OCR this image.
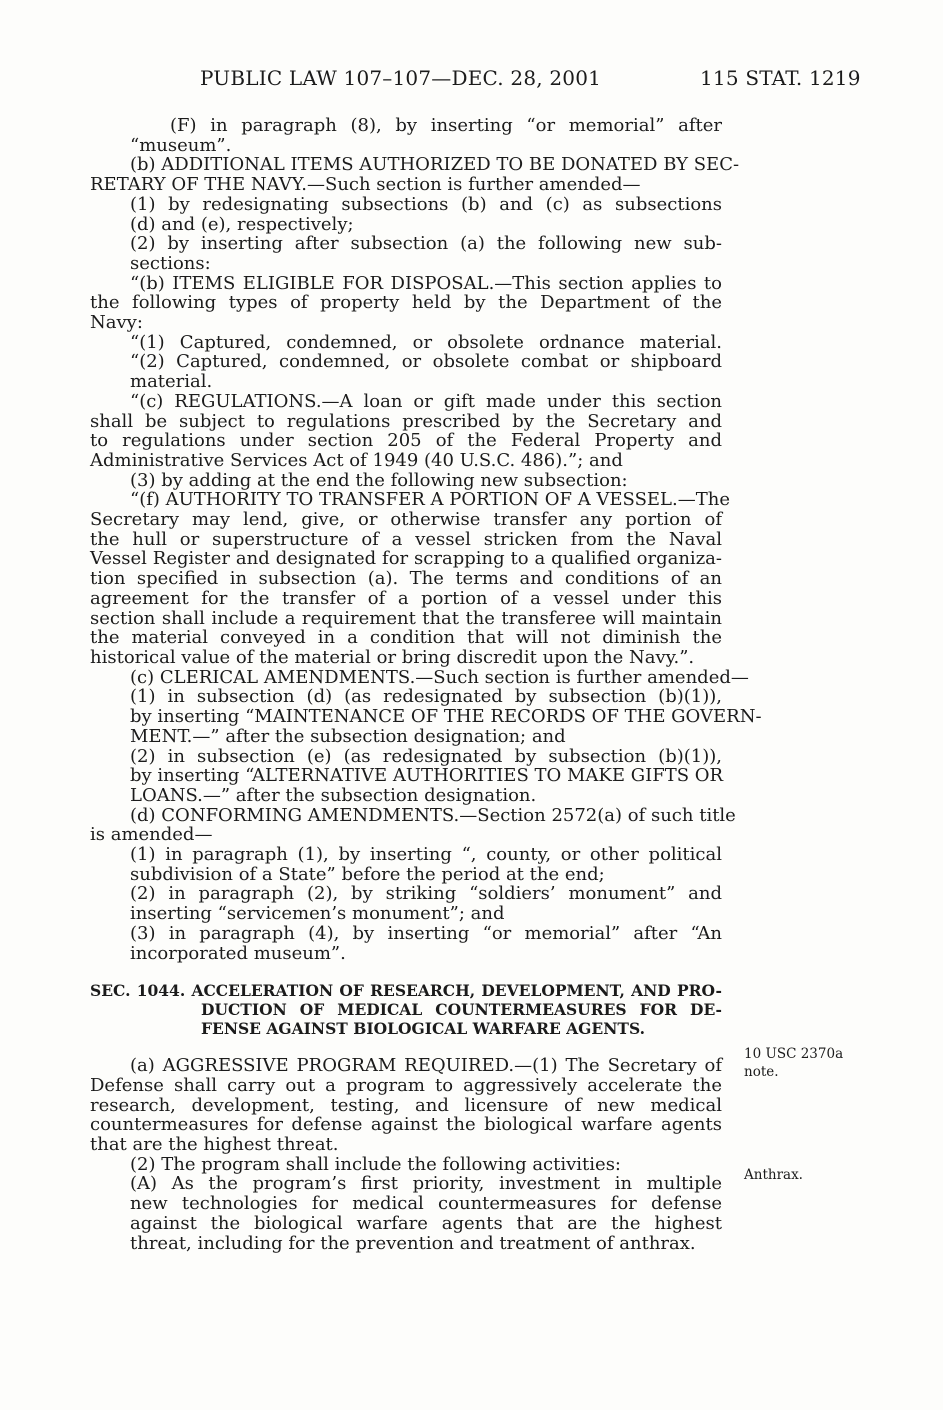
PUBLIC LAW 107–107—DEC. 28, 2001	115 STAT. 1219
(F) in paragraph (8), by inserting “or memorial” after
“museum”.
(b) ADDITIONAL ITEMS AUTHORIZED TO BE DONATED BY SEC-
RETARY OF THE NAVY.—Such section is further amended—
(1) by redesignating subsections (b) and (c) as subsections
(d) and (e), respectively;
(2) by inserting after subsection (a) the following new sub-
sections:
“(b) ITEMS ELIGIBLE FOR DISPOSAL.—This section applies to
the following types of property held by the Department of the
Navy:
“(1) Captured, condemned, or obsolete ordnance material.
“(2) Captured, condemned, or obsolete combat or shipboard
material.
“(c) REGULATIONS.—A loan or gift made under this section
shall be subject to regulations prescribed by the Secretary and
to regulations under section 205 of the Federal Property and
Administrative Services Act of 1949 (40 U.S.C. 486).”; and
(3) by adding at the end the following new subsection:
“(f) AUTHORITY TO TRANSFER A PORTION OF A VESSEL.—The
Secretary may lend, give, or otherwise transfer any portion of
the hull or superstructure of a vessel stricken from the Naval
Vessel Register and designated for scrapping to a qualified organiza-
tion specified in subsection (a). The terms and conditions of an
agreement for the transfer of a portion of a vessel under this
section shall include a requirement that the transferee will maintain
the material conveyed in a condition that will not diminish the
historical value of the material or bring discredit upon the Navy.”.
(c) CLERICAL AMENDMENTS.—Such section is further amended—
(1) in subsection (d) (as redesignated by subsection (b)(1)),
by inserting “MAINTENANCE OF THE RECORDS OF THE GOVERN-
MENT.—” after the subsection designation; and
(2) in subsection (e) (as redesignated by subsection (b)(1)),
by inserting “ALTERNATIVE AUTHORITIES TO MAKE GIFTS OR
LOANS.—” after the subsection designation.
(d) CONFORMING AMENDMENTS.—Section 2572(a) of such title
is amended—
(1) in paragraph (1), by inserting “, county, or other political
subdivision of a State” before the period at the end;
(2) in paragraph (2), by striking “soldiers’ monument” and
inserting “servicemen’s monument”; and
(3) in paragraph (4), by inserting “or memorial” after “An
incorporated museum”.
SEC. 1044. ACCELERATION OF RESEARCH, DEVELOPMENT, AND PRO-
DUCTION OF MEDICAL COUNTERMEASURES FOR DE-
FENSE AGAINST BIOLOGICAL WARFARE AGENTS.
(a) AGGRESSIVE PROGRAM REQUIRED.—(1) The Secretary of
Defense shall carry out a program to aggressively accelerate the
research, development, testing, and licensure of new medical
countermeasures for defense against the biological warfare agents
that are the highest threat.
(2) The program shall include the following activities:
(A) As the program’s first priority, investment in multiple
new technologies for medical countermeasures for defense
against the biological warfare agents that are the highest
threat, including for the prevention and treatment of anthrax.
10 USC 2370a
note.
Anthrax.
